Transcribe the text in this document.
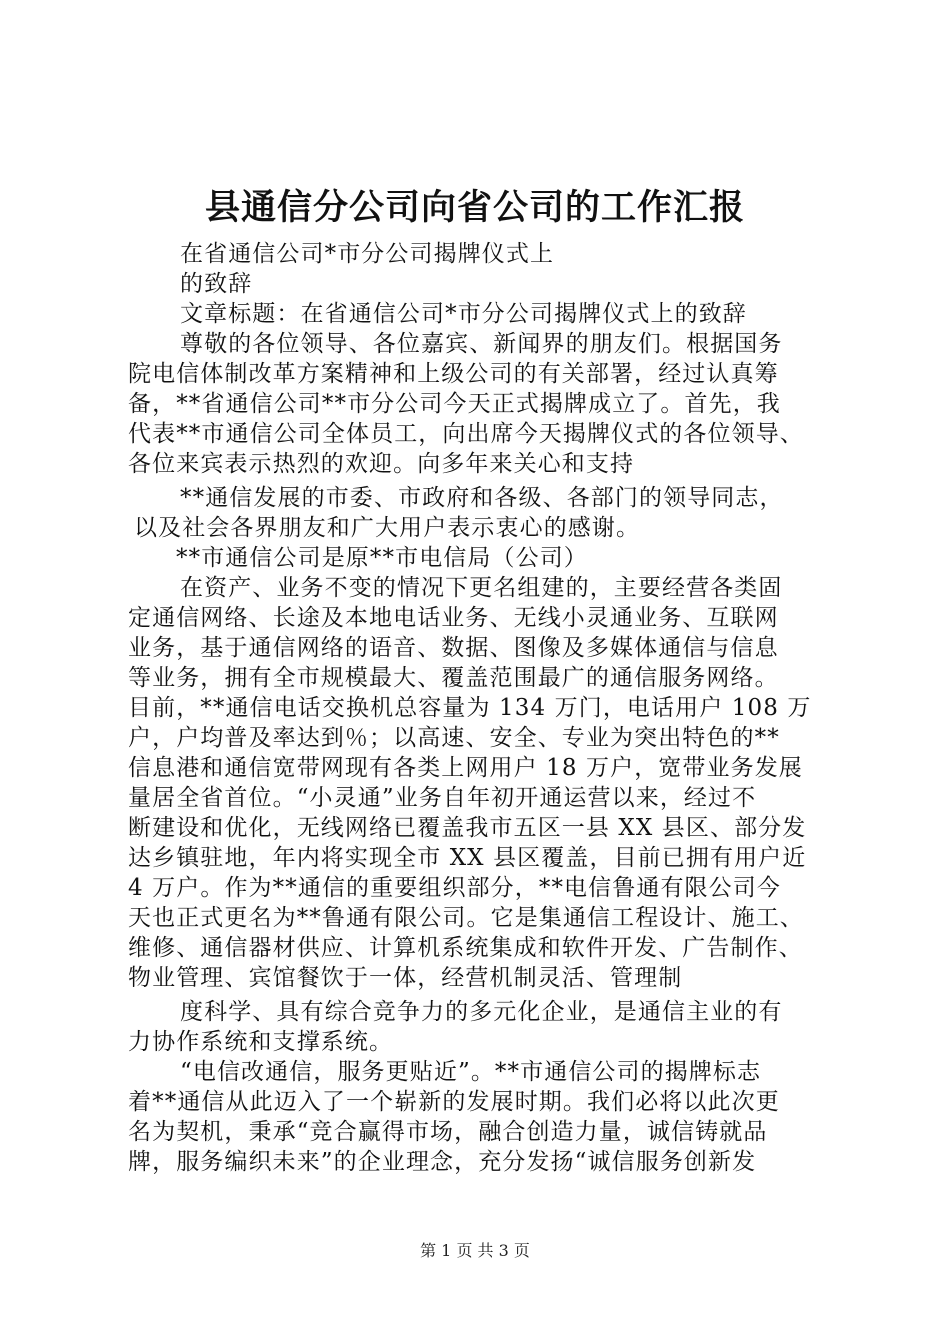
县通信分公司向省公司的工作汇报
在省通信公司*市分公司揭牌仪式上
的致辞
文章标题：在省通信公司*市分公司揭牌仪式上的致辞
尊敬的各位领导、各位嘉宾、新闻界的朋友们。根据国务
院电信体制改革方案精神和上级公司的有关部署，经过认真筹
备，**省通信公司**市分公司今天正式揭牌成立了。首先，我
代表**市通信公司全体员工，向出席今天揭牌仪式的各位领导、
各位来宾表示热烈的欢迎。向多年来关心和支持
**通信发展的市委、市政府和各级、各部门的领导同志，
以及社会各界朋友和广大用户表示衷心的感谢。
**市通信公司是原**市电信局（公司）
在资产、业务不变的情况下更名组建的，主要经营各类固
定通信网络、长途及本地电话业务、无线小灵通业务、互联网
业务，基于通信网络的语音、数据、图像及多媒体通信与信息
等业务，拥有全市规模最大、覆盖范围最广的通信服务网络。
目前，**通信电话交换机总容量为 134 万门，电话用户 108 万
户，户均普及率达到％；以高速、安全、专业为突出特色的**
信息港和通信宽带网现有各类上网用户 18 万户，宽带业务发展
量居全省首位。“小灵通”业务自年初开通运营以来，经过不
断建设和优化，无线网络已覆盖我市五区一县 XX 县区、部分发
达乡镇驻地，年内将实现全市 XX 县区覆盖，目前已拥有用户近
4 万户。作为**通信的重要组织部分，**电信鲁通有限公司今
天也正式更名为**鲁通有限公司。它是集通信工程设计、施工、
维修、通信器材供应、计算机系统集成和软件开发、广告制作、
物业管理、宾馆餐饮于一体，经营机制灵活、管理制
度科学、具有综合竞争力的多元化企业，是通信主业的有
力协作系统和支撑系统。
“电信改通信，服务更贴近”。**市通信公司的揭牌标志
着**通信从此迈入了一个崭新的发展时期。我们必将以此次更
名为契机，秉承“竞合赢得市场，融合创造力量，诚信铸就品
牌，服务编织未来”的企业理念，充分发扬“诚信服务创新发
第 1 页 共 3 页
